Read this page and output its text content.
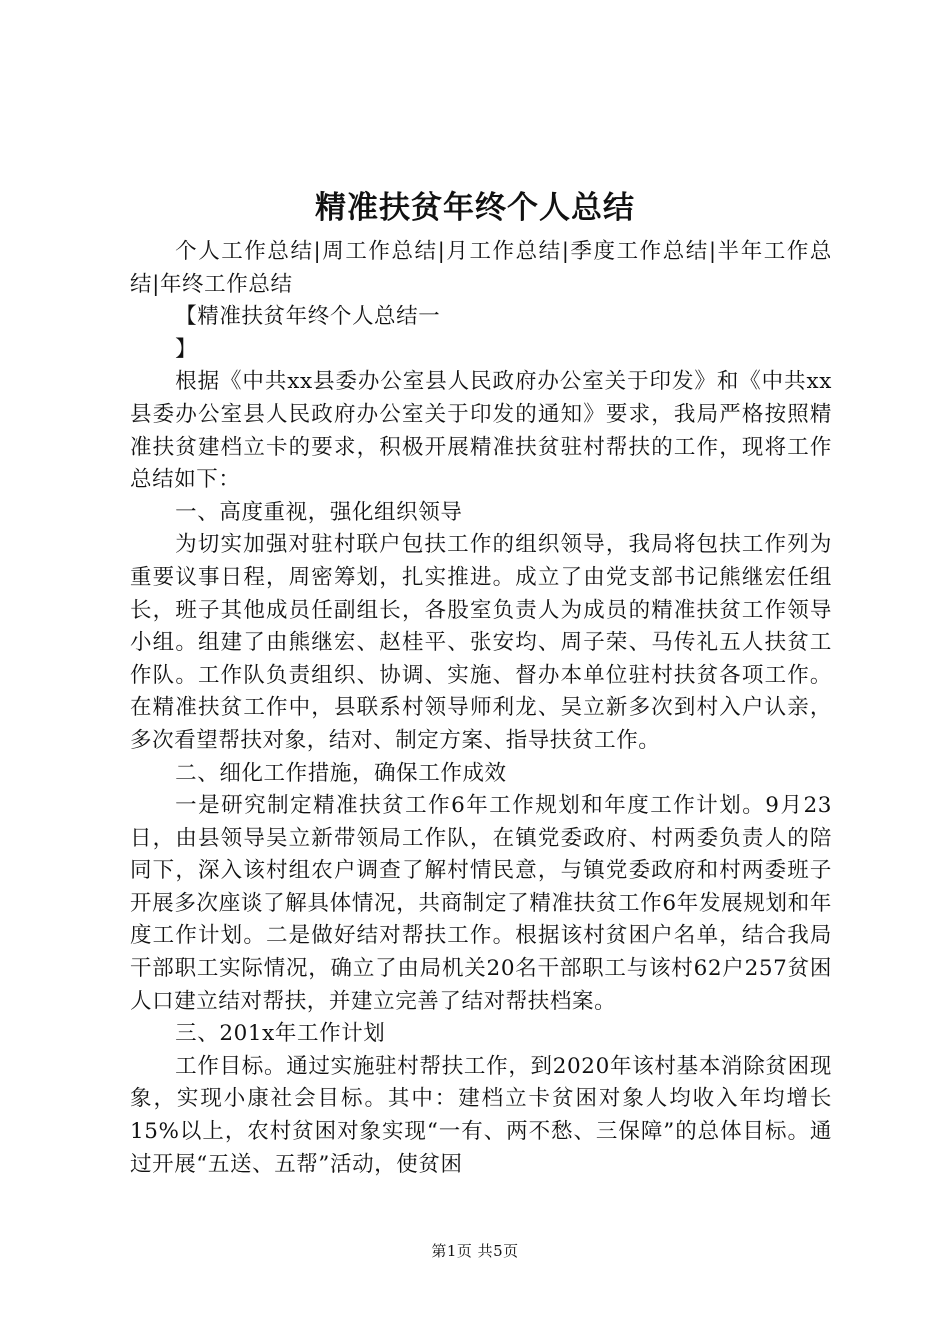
精准扶贫年终个人总结

个人工作总结|周工作总结|月工作总结|季度工作总结|半年工作总结|年终工作总结

【精准扶贫年终个人总结一

】

根据《中共xx县委办公室县人民政府办公室关于印发》和《中共xx县委办公室县人民政府办公室关于印发的通知》要求，我局严格按照精准扶贫建档立卡的要求，积极开展精准扶贫驻村帮扶的工作，现将工作总结如下：

一、高度重视，强化组织领导

为切实加强对驻村联户包扶工作的组织领导，我局将包扶工作列为重要议事日程，周密筹划，扎实推进。成立了由党支部书记熊继宏任组长，班子其他成员任副组长，各股室负责人为成员的精准扶贫工作领导小组。组建了由熊继宏、赵桂平、张安均、周子荣、马传礼五人扶贫工作队。工作队负责组织、协调、实施、督办本单位驻村扶贫各项工作。在精准扶贫工作中，县联系村领导师利龙、吴立新多次到村入户认亲，多次看望帮扶对象，结对、制定方案、指导扶贫工作。

二、细化工作措施，确保工作成效

一是研究制定精准扶贫工作6年工作规划和年度工作计划。9月23日，由县领导吴立新带领局工作队，在镇党委政府、村两委负责人的陪同下，深入该村组农户调查了解村情民意，与镇党委政府和村两委班子开展多次座谈了解具体情况，共商制定了精准扶贫工作6年发展规划和年度工作计划。二是做好结对帮扶工作。根据该村贫困户名单，结合我局干部职工实际情况，确立了由局机关20名干部职工与该村62户257贫困人口建立结对帮扶，并建立完善了结对帮扶档案。

三、201x年工作计划

工作目标。通过实施驻村帮扶工作，到2020年该村基本消除贫困现象，实现小康社会目标。其中：建档立卡贫困对象人均收入年均增长15%以上，农村贫困对象实现“一有、两不愁、三保障”的总体目标。通过开展“五送、五帮”活动，使贫困

第1页 共5页
